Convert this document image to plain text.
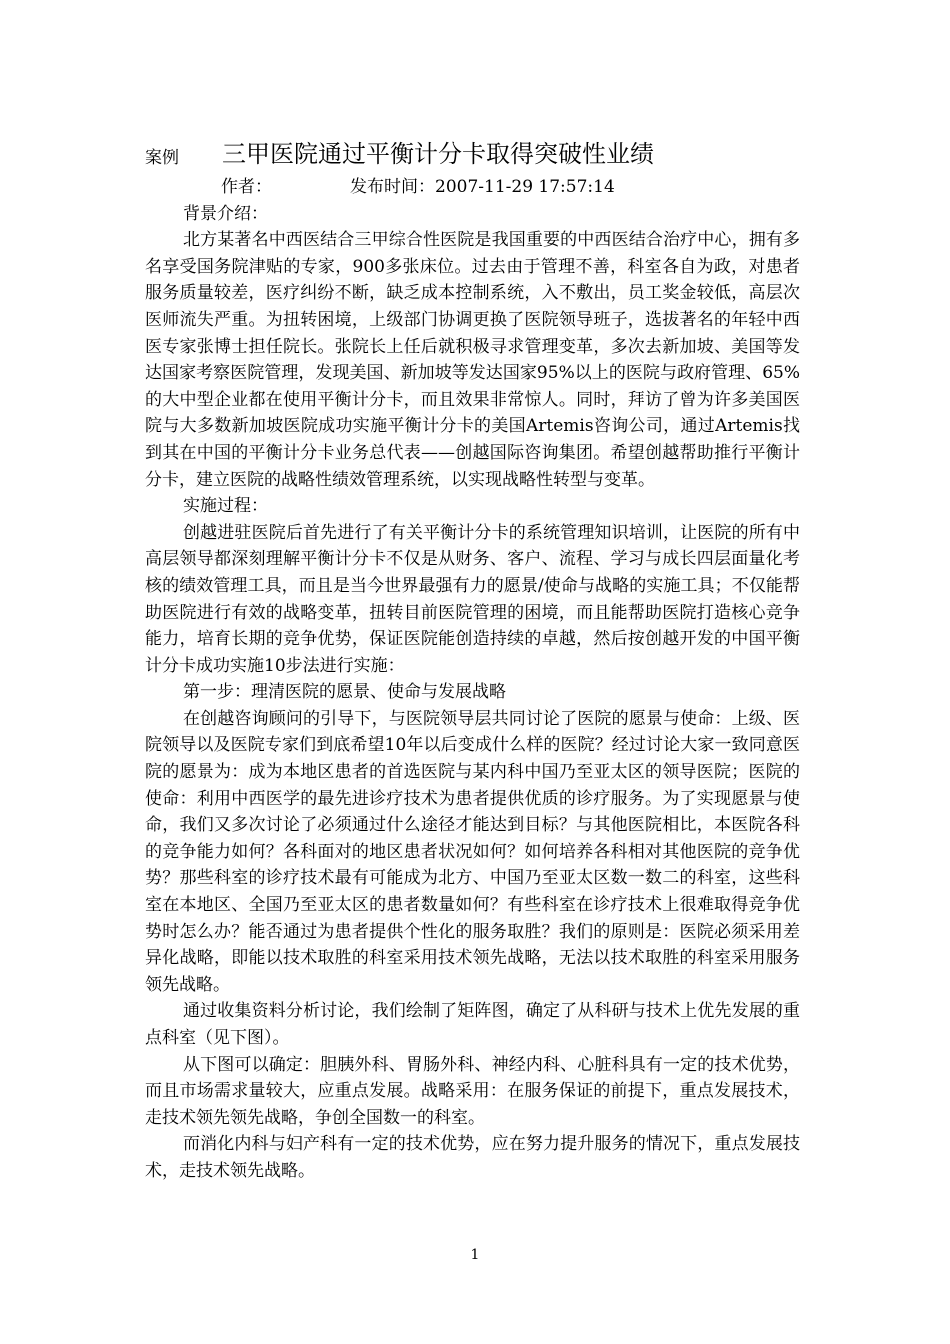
案例 三甲医院通过平衡计分卡取得突破性业绩

作者：	发布时间：2007-11-29 17:57:14

背景介绍：

北方某著名中西医结合三甲综合性医院是我国重要的中西医结合治疗中心，拥有多名享受国务院津贴的专家，900多张床位。过去由于管理不善，科室各自为政，对患者服务质量较差，医疗纠纷不断，缺乏成本控制系统，入不敷出，员工奖金较低，高层次医师流失严重。为扭转困境，上级部门协调更换了医院领导班子，选拔著名的年轻中西医专家张博士担任院长。张院长上任后就积极寻求管理变革，多次去新加坡、美国等发达国家考察医院管理，发现美国、新加坡等发达国家95%以上的医院与政府管理、65%的大中型企业都在使用平衡计分卡，而且效果非常惊人。同时，拜访了曾为许多美国医院与大多数新加坡医院成功实施平衡计分卡的美国Artemis咨询公司，通过Artemis找到其在中国的平衡计分卡业务总代表——创越国际咨询集团。希望创越帮助推行平衡计分卡，建立医院的战略性绩效管理系统，以实现战略性转型与变革。

实施过程：

创越进驻医院后首先进行了有关平衡计分卡的系统管理知识培训，让医院的所有中高层领导都深刻理解平衡计分卡不仅是从财务、客户、流程、学习与成长四层面量化考核的绩效管理工具，而且是当今世界最强有力的愿景/使命与战略的实施工具；不仅能帮助医院进行有效的战略变革，扭转目前医院管理的困境，而且能帮助医院打造核心竞争能力，培育长期的竞争优势，保证医院能创造持续的卓越，然后按创越开发的中国平衡计分卡成功实施10步法进行实施：

第一步：理清医院的愿景、使命与发展战略

在创越咨询顾问的引导下，与医院领导层共同讨论了医院的愿景与使命：上级、医院领导以及医院专家们到底希望10年以后变成什么样的医院？经过讨论大家一致同意医院的愿景为：成为本地区患者的首选医院与某内科中国乃至亚太区的领导医院；医院的使命：利用中西医学的最先进诊疗技术为患者提供优质的诊疗服务。为了实现愿景与使命，我们又多次讨论了必须通过什么途径才能达到目标？与其他医院相比，本医院各科的竞争能力如何？各科面对的地区患者状况如何？如何培养各科相对其他医院的竞争优势？那些科室的诊疗技术最有可能成为北方、中国乃至亚太区数一数二的科室，这些科室在本地区、全国乃至亚太区的患者数量如何？有些科室在诊疗技术上很难取得竞争优势时怎么办？能否通过为患者提供个性化的服务取胜？我们的原则是：医院必须采用差异化战略，即能以技术取胜的科室采用技术领先战略，无法以技术取胜的科室采用服务领先战略。

通过收集资料分析讨论，我们绘制了矩阵图，确定了从科研与技术上优先发展的重点科室（见下图）。

从下图可以确定：胆胰外科、胃肠外科、神经内科、心脏科具有一定的技术优势，而且市场需求量较大，应重点发展。战略采用：在服务保证的前提下，重点发展技术，走技术领先领先战略，争创全国数一的科室。

而消化内科与妇产科有一定的技术优势，应在努力提升服务的情况下，重点发展技术，走技术领先战略。

1
